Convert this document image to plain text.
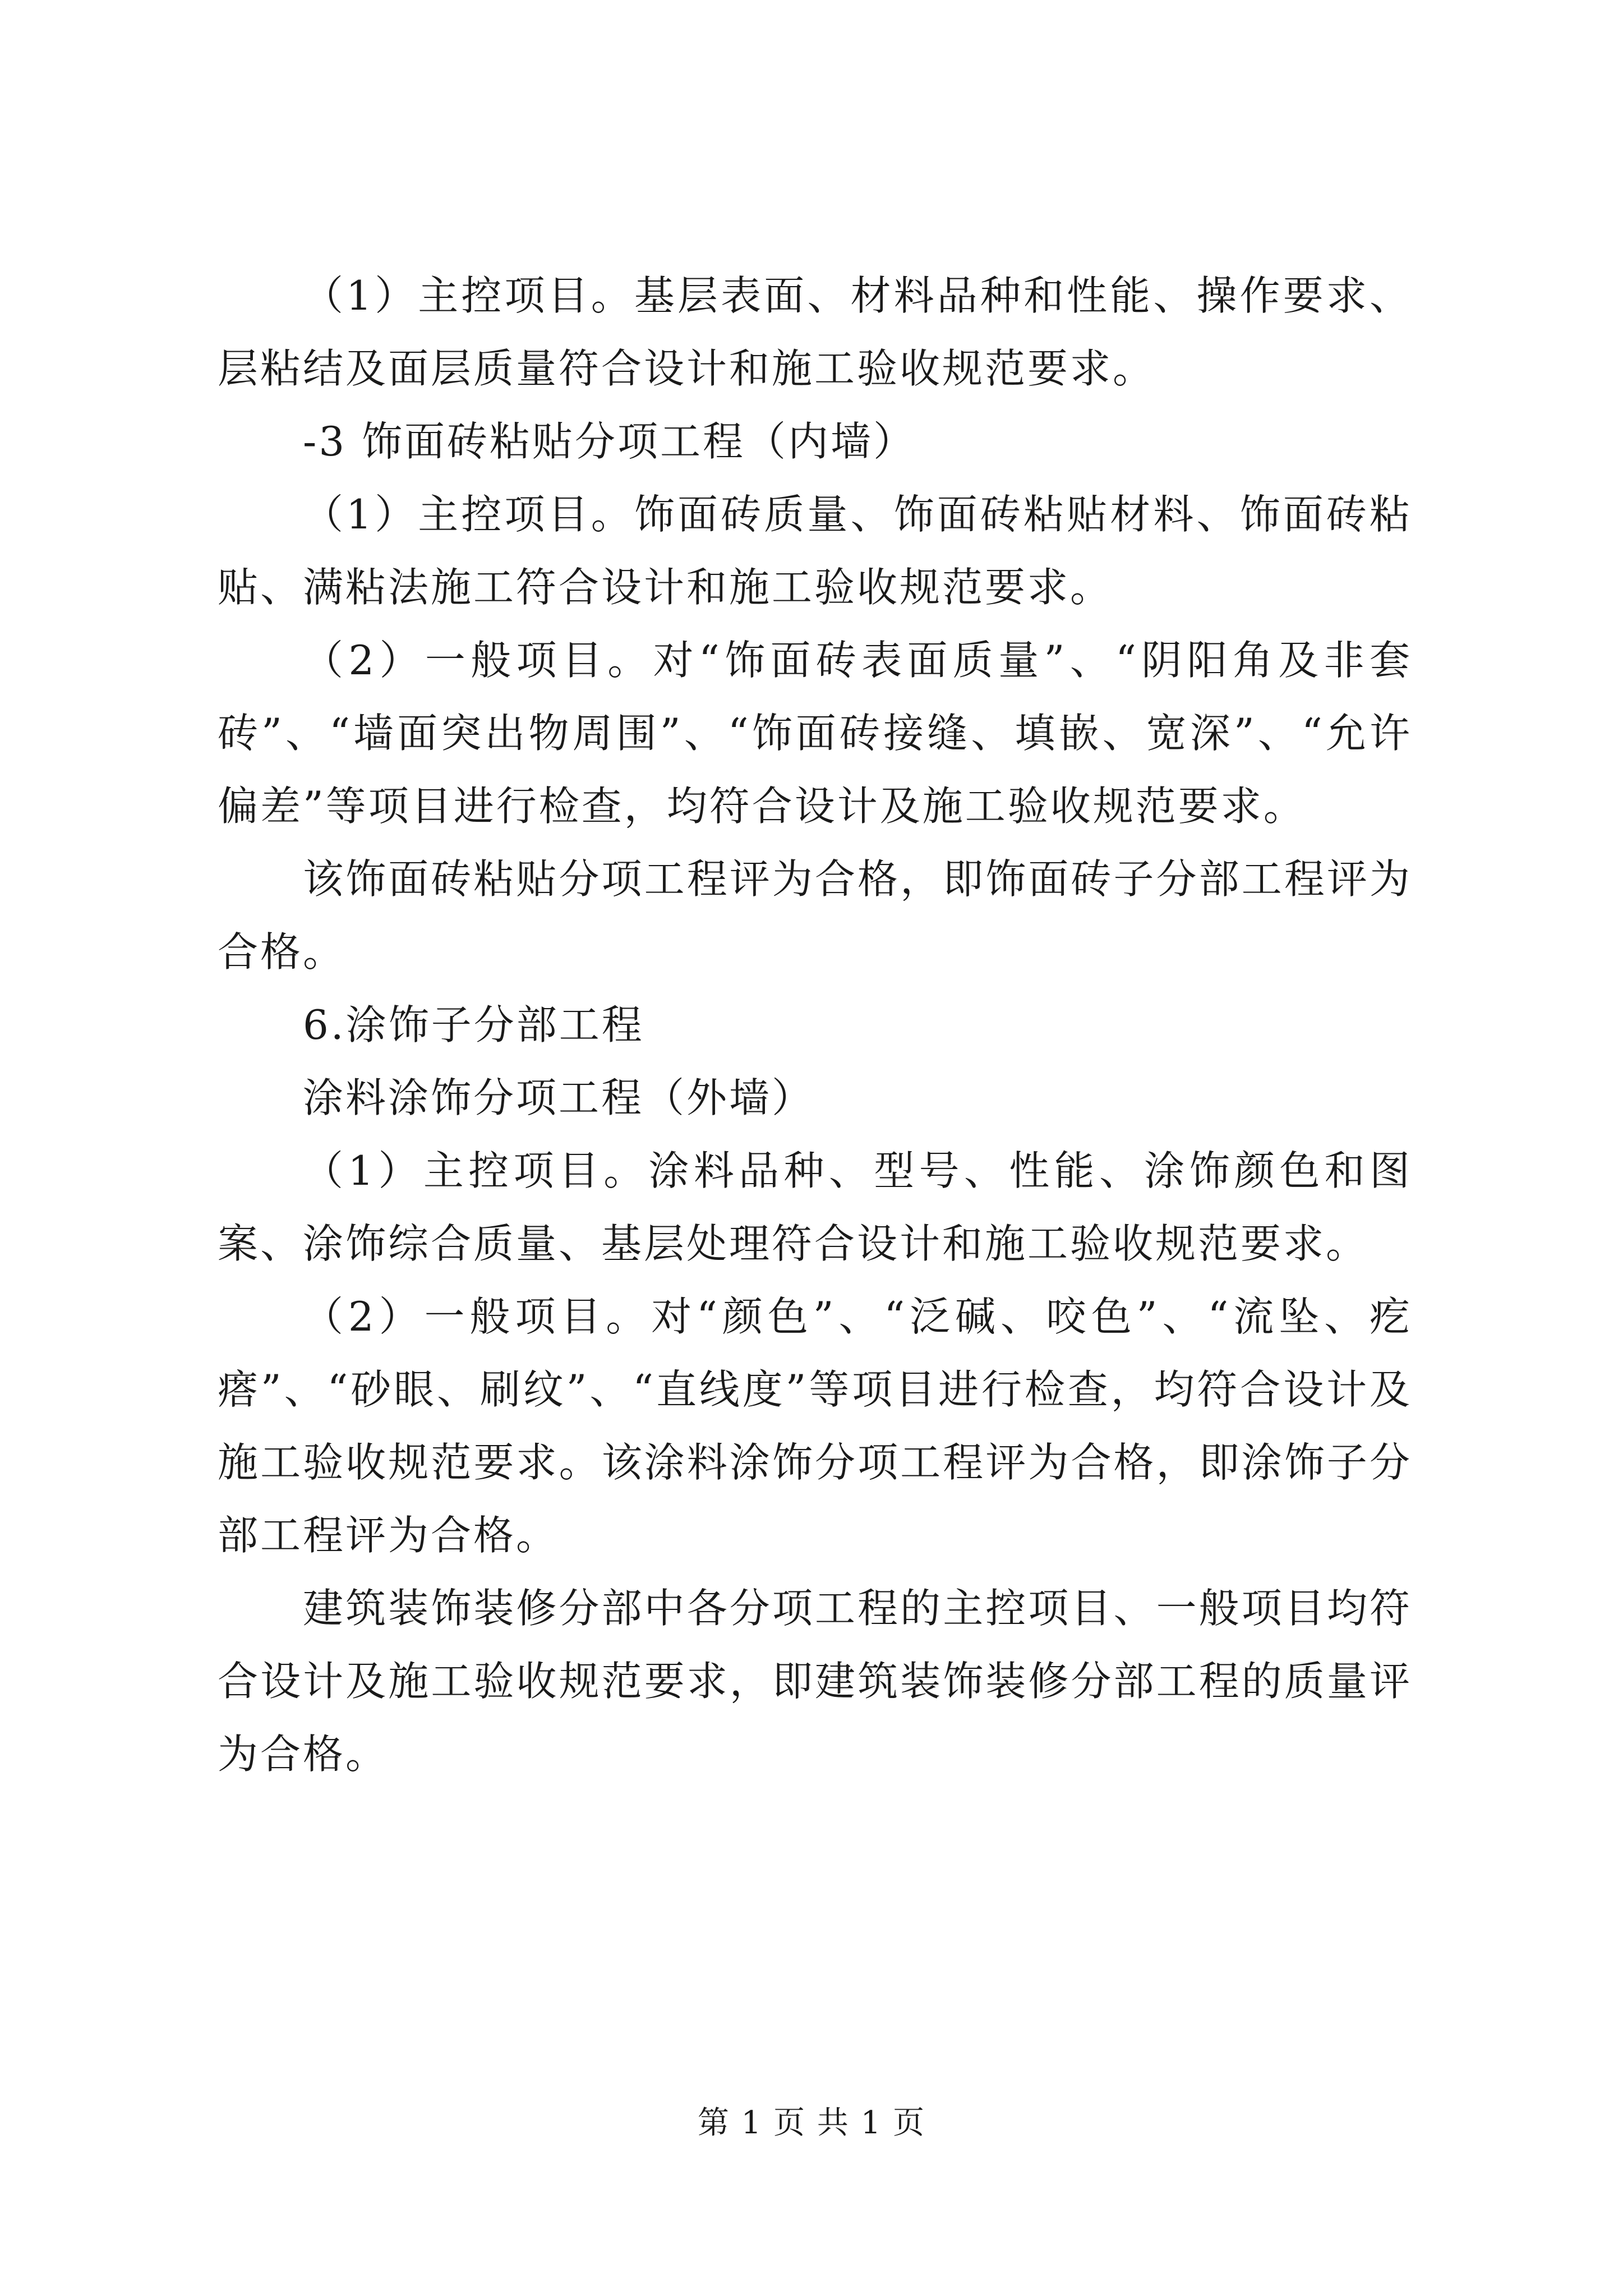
（1）主控项目。基层表面、材料品种和性能、操作要求、层粘结及面层质量符合设计和施工验收规范要求。

-3 饰面砖粘贴分项工程（内墙）

（1）主控项目。饰面砖质量、饰面砖粘贴材料、饰面砖粘贴、满粘法施工符合设计和施工验收规范要求。

（2）一般项目。对“饰面砖表面质量”、“阴阳角及非套砖”、“墙面突出物周围”、“饰面砖接缝、填嵌、宽深”、“允许偏差”等项目进行检查，均符合设计及施工验收规范要求。

该饰面砖粘贴分项工程评为合格，即饰面砖子分部工程评为合格。

6.涂饰子分部工程

涂料涂饰分项工程（外墙）

（1）主控项目。涂料品种、型号、性能、涂饰颜色和图案、涂饰综合质量、基层处理符合设计和施工验收规范要求。

（2）一般项目。对“颜色”、“泛碱、咬色”、“流坠、疙瘩”、“砂眼、刷纹”、“直线度”等项目进行检查，均符合设计及施工验收规范要求。该涂料涂饰分项工程评为合格，即涂饰子分部工程评为合格。

建筑装饰装修分部中各分项工程的主控项目、一般项目均符合设计及施工验收规范要求，即建筑装饰装修分部工程的质量评为合格。

第 1 页 共 1 页
